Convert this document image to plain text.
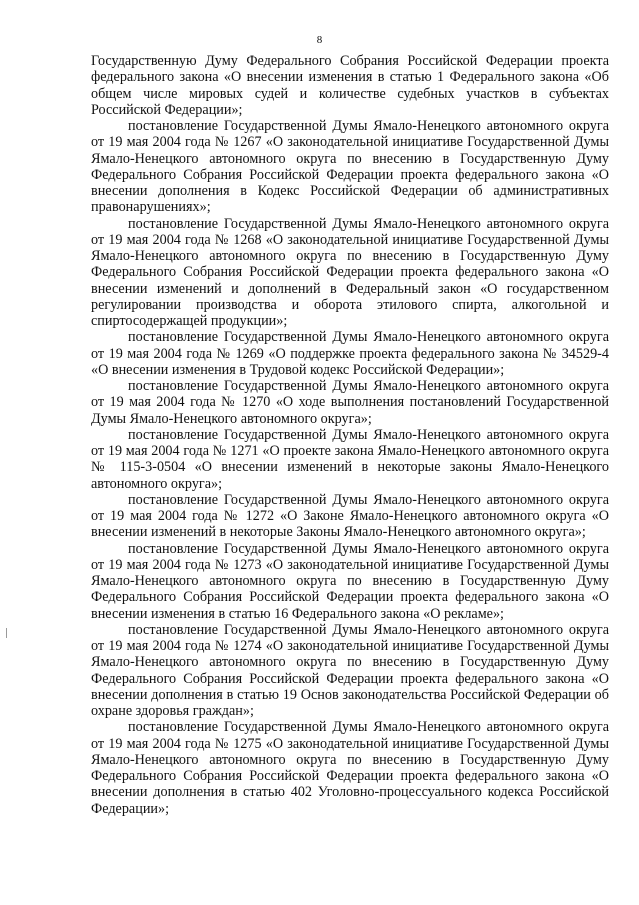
8

Государственную Думу Федерального Собрания Российской Федерации проекта федерального закона «О внесении изменения в статью 1 Федерального закона «Об общем числе мировых судей и количестве судебных участков в субъектах Российской Федерации»;

постановление Государственной Думы Ямало-Ненецкого автономного округа от 19 мая 2004 года № 1267 «О законодательной инициативе Государственной Думы Ямало-Ненецкого автономного округа по внесению в Государственную Думу Федерального Собрания Российской Федерации проекта федерального закона «О внесении дополнения в Кодекс Российской Федерации об административных правонарушениях»;

постановление Государственной Думы Ямало-Ненецкого автономного округа от 19 мая 2004 года № 1268 «О законодательной инициативе Государственной Думы Ямало-Ненецкого автономного округа по внесению в Государственную Думу Федерального Собрания Российской Федерации проекта федерального закона «О внесении изменений и дополнений в Федеральный закон «О государственном регулировании производства и оборота этилового спирта, алкогольной и спиртосодержащей продукции»;

постановление Государственной Думы Ямало-Ненецкого автономного округа от 19 мая 2004 года № 1269 «О поддержке проекта федерального закона № 34529-4 «О внесении изменения в Трудовой кодекс Российской Федерации»;

постановление Государственной Думы Ямало-Ненецкого автономного округа от 19 мая 2004 года № 1270 «О ходе выполнения постановлений Государственной Думы Ямало-Ненецкого автономного округа»;

постановление Государственной Думы Ямало-Ненецкого автономного округа от 19 мая 2004 года № 1271 «О проекте закона Ямало-Ненецкого автономного округа № 115-3-0504 «О внесении изменений в некоторые законы Ямало-Ненецкого автономного округа»;

постановление Государственной Думы Ямало-Ненецкого автономного округа от 19 мая 2004 года № 1272 «О Законе Ямало-Ненецкого автономного округа «О внесении изменений в некоторые Законы Ямало-Ненецкого автономного округа»;

постановление Государственной Думы Ямало-Ненецкого автономного округа от 19 мая 2004 года № 1273 «О законодательной инициативе Государственной Думы Ямало-Ненецкого автономного округа по внесению в Государственную Думу Федерального Собрания Российской Федерации проекта федерального закона «О внесении изменения в статью 16 Федерального закона «О рекламе»;

постановление Государственной Думы Ямало-Ненецкого автономного округа от 19 мая 2004 года № 1274 «О законодательной инициативе Государственной Думы Ямало-Ненецкого автономного округа по внесению в Государственную Думу Федерального Собрания Российской Федерации проекта федерального закона «О внесении дополнения в статью 19 Основ законодательства Российской Федерации об охране здоровья граждан»;

постановление Государственной Думы Ямало-Ненецкого автономного округа от 19 мая 2004 года № 1275 «О законодательной инициативе Государственной Думы Ямало-Ненецкого автономного округа по внесению в Государственную Думу Федерального Собрания Российской Федерации проекта федерального закона «О внесении дополнения в статью 402 Уголовно-процессуального кодекса Российской Федерации»;
